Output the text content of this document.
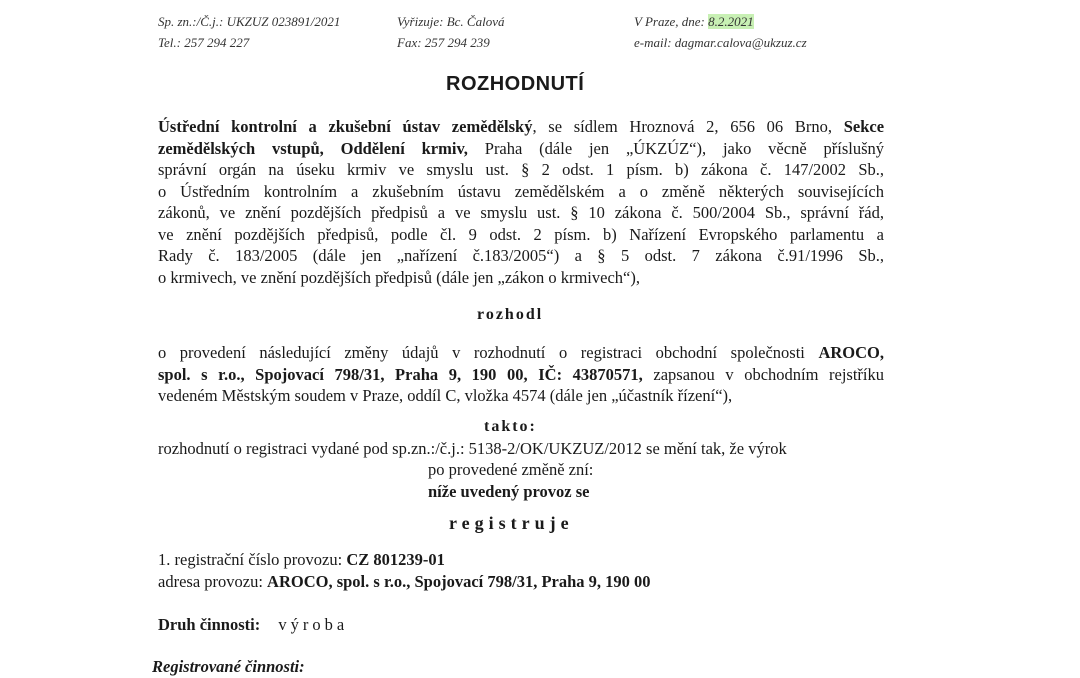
Sp. zn.:/Č.j.: UKZUZ 023891/2021
Tel.: 257 294 227
Vyřizuje: Bc. Čalová
Fax: 257 294 239
V Praze, dne: 8.2.2021
e-mail: dagmar.calova@ukzuz.cz
ROZHODNUTÍ
Ústřední kontrolní a zkušební ústav zemědělský, se sídlem Hroznová 2, 656 06 Brno, Sekce
zemědělských vstupů, Oddělení krmiv, Praha (dále jen „ÚKZÚZ“), jako věcně příslušný
správní orgán na úseku krmiv ve smyslu ust. § 2 odst. 1 písm. b) zákona č. 147/2002 Sb.,
o Ústředním kontrolním a zkušebním ústavu zemědělském a o změně některých souvisejících
zákonů, ve znění pozdějších předpisů a ve smyslu ust. § 10 zákona č. 500/2004 Sb., správní řád,
ve znění pozdějších předpisů, podle čl. 9 odst. 2 písm. b) Nařízení Evropského parlamentu a
Rady č. 183/2005 (dále jen „nařízení č.183/2005“) a § 5 odst. 7 zákona č.91/1996 Sb.,
o krmivech, ve znění pozdějších předpisů (dále jen „zákon o krmivech“),
rozhodl
o provedení následující změny údajů v rozhodnutí o registraci obchodní společnosti AROCO,
spol. s r.o., Spojovací 798/31, Praha 9, 190 00, IČ: 43870571, zapsanou v obchodním rejstříku
vedeném Městským soudem v Praze, oddíl C, vložka 4574 (dále jen „účastník řízení“),
takto:
rozhodnutí o registraci vydané pod sp.zn.:/č.j.: 5138-2/OK/UKZUZ/2012 se mění tak, že výrok
po provedené změně zní:
níže uvedený provoz se
registruje
1. registrační číslo provozu: CZ 801239-01
adresa provozu: AROCO, spol. s r.o., Spojovací 798/31, Praha 9, 190 00
Druh činnosti: výroba
Registrované činnosti:
